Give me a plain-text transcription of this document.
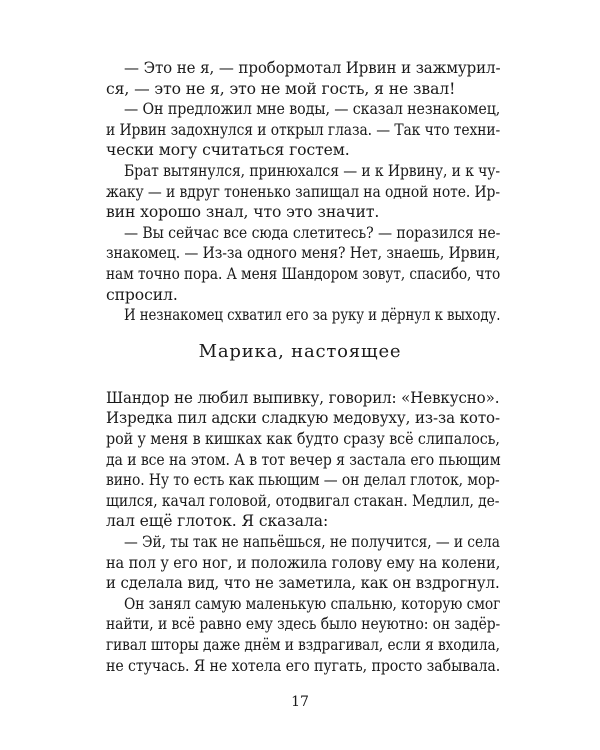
— Это не я, — пробормотал Ирвин и зажмурил-
ся, — это не я, это не мой гость, я не звал!
— Он предложил мне воды, — сказал незнакомец,
и Ирвин задохнулся и открыл глаза. — Так что техни-
чески могу считаться гостем.
Брат вытянулся, принюхался — и к Ирвину, и к чу-
жаку — и вдруг тоненько запищал на одной ноте. Ир-
вин хорошо знал, что это значит.
— Вы сейчас все сюда слетитесь? — поразился не-
знакомец. — Из-за одного меня? Нет, знаешь, Ирвин,
нам точно пора. А меня Шандором зовут, спасибо, что
спросил.
И незнакомец схватил его за руку и дёрнул к выходу.
Марика, настоящее
Шандор не любил выпивку, говорил: «Невкусно».
Изредка пил адски сладкую медовуху, из-за кото-
рой у меня в кишках как будто сразу всё слипалось,
да и все на этом. А в тот вечер я застала его пьющим
вино. Ну то есть как пьющим — он делал глоток, мор-
щился, качал головой, отодвигал стакан. Медлил, де-
лал ещё глоток. Я сказала:
— Эй, ты так не напьёшься, не получится, — и села
на пол у его ног, и положила голову ему на колени,
и сделала вид, что не заметила, как он вздрогнул.
Он занял самую маленькую спальню, которую смог
найти, и всё равно ему здесь было неуютно: он задёр-
гивал шторы даже днём и вздрагивал, если я входила,
не стучась. Я не хотела его пугать, просто забывала.
17
